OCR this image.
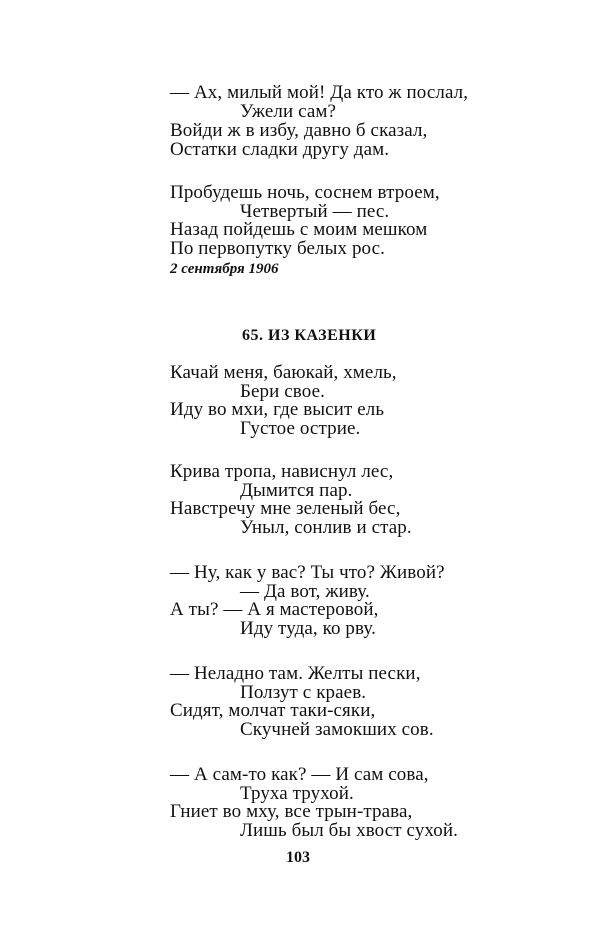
— Ах, милый мой! Да кто ж послал,
Ужели сам?
Войди ж в избу, давно б сказал,
Остатки сладки другу дам.
Пробудешь ночь, соснем втроем,
Четвертый — пес.
Назад пойдешь с моим мешком
По первопутку белых рос.
2 сентября 1906
65. ИЗ КАЗЕНКИ
Качай меня, баюкай, хмель,
Бери свое.
Иду во мхи, где высит ель
Густое острие.
Крива тропа, нависнул лес,
Дымится пар.
Навстречу мне зеленый бес,
Уныл, сонлив и стар.
— Ну, как у вас? Ты что? Живой?
— Да вот, живу.
А ты? — А я мастеровой,
Иду туда, ко рву.
— Неладно там. Желты пески,
Ползут с краев.
Сидят, молчат таки-сяки,
Скучней замокших сов.
— А сам-то как? — И сам сова,
Труха трухой.
Гниет во мху, все трын-трава,
Лишь был бы хвост сухой.
103
